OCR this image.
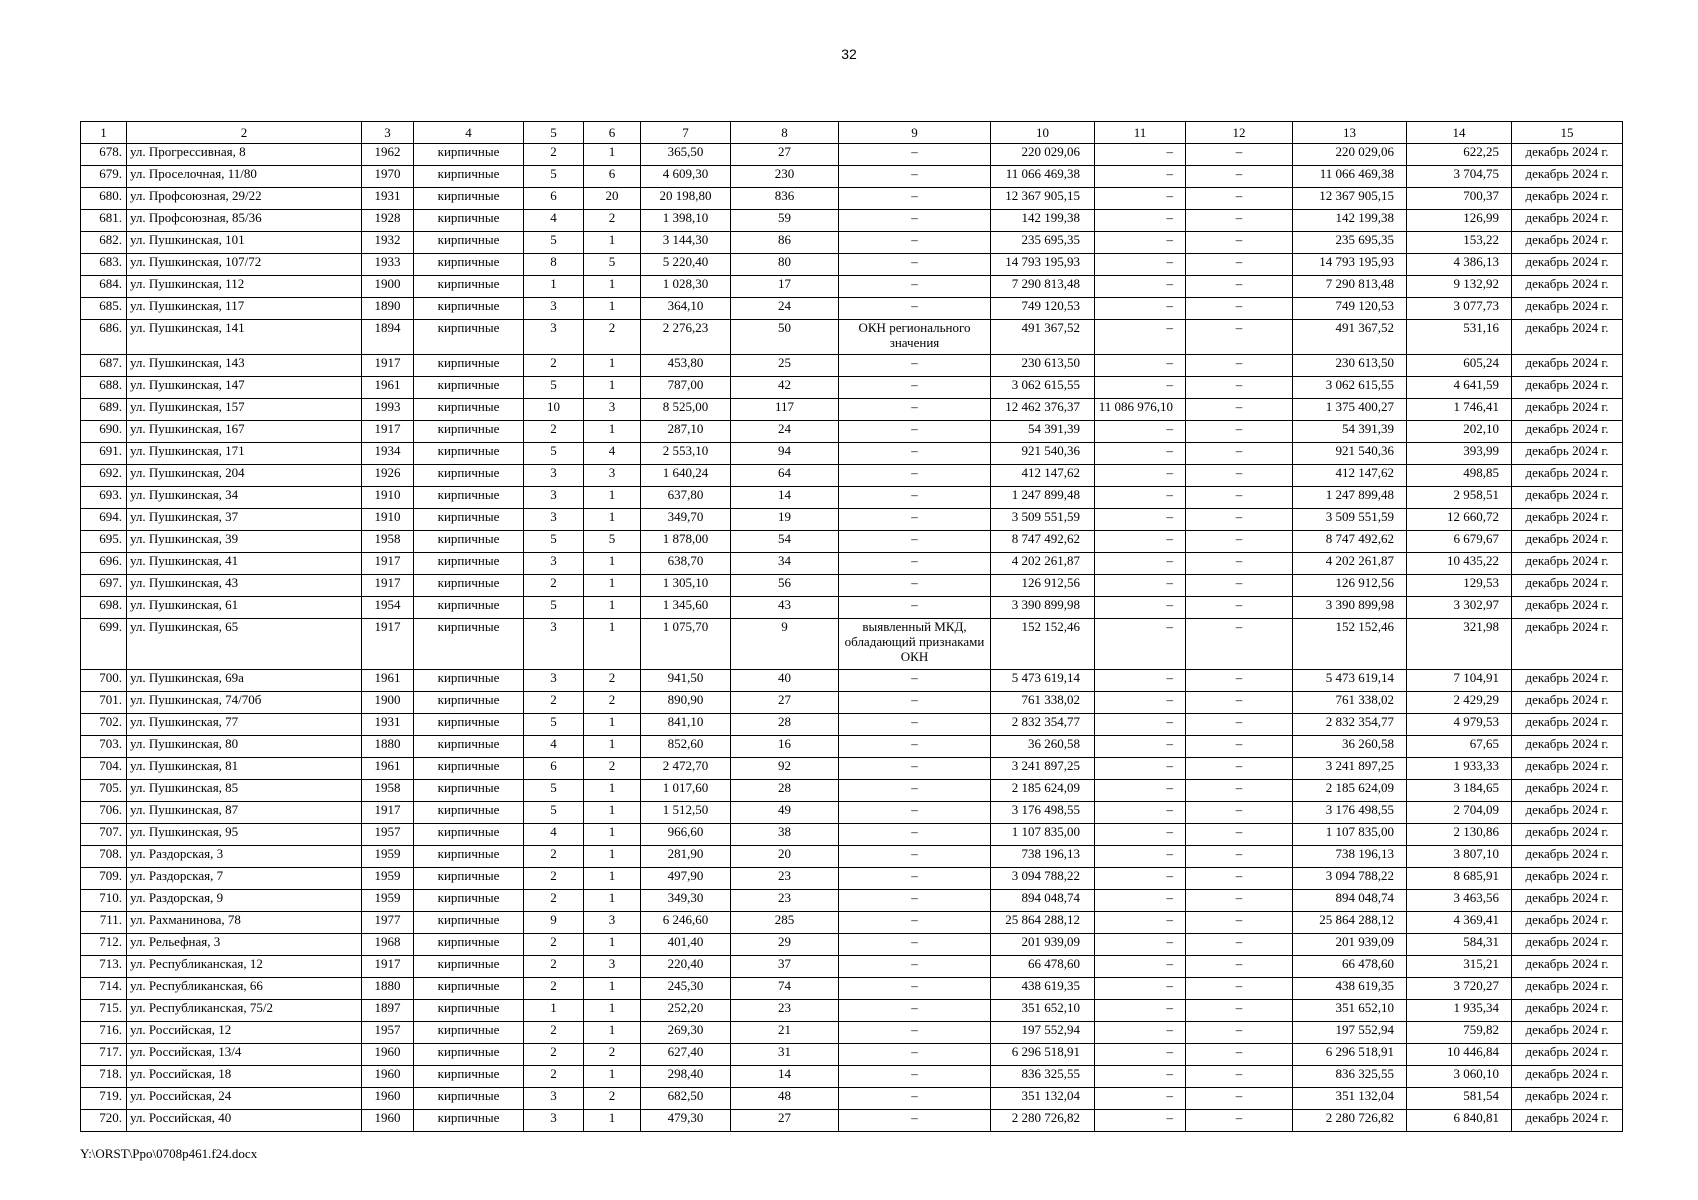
32
1	2	3	4	5	6	7	8	9	10	11	12	13	14	15
678.	ул. Прогрессивная, 8	1962	кирпичные	2	1	365,50	27	–	220 029,06	–	–	220 029,06	622,25	декабрь 2024 г.
679.	ул. Проселочная, 11/80	1970	кирпичные	5	6	4 609,30	230	–	11 066 469,38	–	–	11 066 469,38	3 704,75	декабрь 2024 г.
680.	ул. Профсоюзная, 29/22	1931	кирпичные	6	20	20 198,80	836	–	12 367 905,15	–	–	12 367 905,15	700,37	декабрь 2024 г.
681.	ул. Профсоюзная, 85/36	1928	кирпичные	4	2	1 398,10	59	–	142 199,38	–	–	142 199,38	126,99	декабрь 2024 г.
682.	ул. Пушкинская, 101	1932	кирпичные	5	1	3 144,30	86	–	235 695,35	–	–	235 695,35	153,22	декабрь 2024 г.
683.	ул. Пушкинская, 107/72	1933	кирпичные	8	5	5 220,40	80	–	14 793 195,93	–	–	14 793 195,93	4 386,13	декабрь 2024 г.
684.	ул. Пушкинская, 112	1900	кирпичные	1	1	1 028,30	17	–	7 290 813,48	–	–	7 290 813,48	9 132,92	декабрь 2024 г.
685.	ул. Пушкинская, 117	1890	кирпичные	3	1	364,10	24	–	749 120,53	–	–	749 120,53	3 077,73	декабрь 2024 г.
686.	ул. Пушкинская, 141	1894	кирпичные	3	2	2 276,23	50	ОКН регионального значения	491 367,52	–	–	491 367,52	531,16	декабрь 2024 г.
687.	ул. Пушкинская, 143	1917	кирпичные	2	1	453,80	25	–	230 613,50	–	–	230 613,50	605,24	декабрь 2024 г.
688.	ул. Пушкинская, 147	1961	кирпичные	5	1	787,00	42	–	3 062 615,55	–	–	3 062 615,55	4 641,59	декабрь 2024 г.
689.	ул. Пушкинская, 157	1993	кирпичные	10	3	8 525,00	117	–	12 462 376,37	11 086 976,10	–	1 375 400,27	1 746,41	декабрь 2024 г.
690.	ул. Пушкинская, 167	1917	кирпичные	2	1	287,10	24	–	54 391,39	–	–	54 391,39	202,10	декабрь 2024 г.
691.	ул. Пушкинская, 171	1934	кирпичные	5	4	2 553,10	94	–	921 540,36	–	–	921 540,36	393,99	декабрь 2024 г.
692.	ул. Пушкинская, 204	1926	кирпичные	3	3	1 640,24	64	–	412 147,62	–	–	412 147,62	498,85	декабрь 2024 г.
693.	ул. Пушкинская, 34	1910	кирпичные	3	1	637,80	14	–	1 247 899,48	–	–	1 247 899,48	2 958,51	декабрь 2024 г.
694.	ул. Пушкинская, 37	1910	кирпичные	3	1	349,70	19	–	3 509 551,59	–	–	3 509 551,59	12 660,72	декабрь 2024 г.
695.	ул. Пушкинская, 39	1958	кирпичные	5	5	1 878,00	54	–	8 747 492,62	–	–	8 747 492,62	6 679,67	декабрь 2024 г.
696.	ул. Пушкинская, 41	1917	кирпичные	3	1	638,70	34	–	4 202 261,87	–	–	4 202 261,87	10 435,22	декабрь 2024 г.
697.	ул. Пушкинская, 43	1917	кирпичные	2	1	1 305,10	56	–	126 912,56	–	–	126 912,56	129,53	декабрь 2024 г.
698.	ул. Пушкинская, 61	1954	кирпичные	5	1	1 345,60	43	–	3 390 899,98	–	–	3 390 899,98	3 302,97	декабрь 2024 г.
699.	ул. Пушкинская, 65	1917	кирпичные	3	1	1 075,70	9	выявленный МКД, обладающий признаками ОКН	152 152,46	–	–	152 152,46	321,98	декабрь 2024 г.
700.	ул. Пушкинская, 69а	1961	кирпичные	3	2	941,50	40	–	5 473 619,14	–	–	5 473 619,14	7 104,91	декабрь 2024 г.
701.	ул. Пушкинская, 74/70б	1900	кирпичные	2	2	890,90	27	–	761 338,02	–	–	761 338,02	2 429,29	декабрь 2024 г.
702.	ул. Пушкинская, 77	1931	кирпичные	5	1	841,10	28	–	2 832 354,77	–	–	2 832 354,77	4 979,53	декабрь 2024 г.
703.	ул. Пушкинская, 80	1880	кирпичные	4	1	852,60	16	–	36 260,58	–	–	36 260,58	67,65	декабрь 2024 г.
704.	ул. Пушкинская, 81	1961	кирпичные	6	2	2 472,70	92	–	3 241 897,25	–	–	3 241 897,25	1 933,33	декабрь 2024 г.
705.	ул. Пушкинская, 85	1958	кирпичные	5	1	1 017,60	28	–	2 185 624,09	–	–	2 185 624,09	3 184,65	декабрь 2024 г.
706.	ул. Пушкинская, 87	1917	кирпичные	5	1	1 512,50	49	–	3 176 498,55	–	–	3 176 498,55	2 704,09	декабрь 2024 г.
707.	ул. Пушкинская, 95	1957	кирпичные	4	1	966,60	38	–	1 107 835,00	–	–	1 107 835,00	2 130,86	декабрь 2024 г.
708.	ул. Раздорская, 3	1959	кирпичные	2	1	281,90	20	–	738 196,13	–	–	738 196,13	3 807,10	декабрь 2024 г.
709.	ул. Раздорская, 7	1959	кирпичные	2	1	497,90	23	–	3 094 788,22	–	–	3 094 788,22	8 685,91	декабрь 2024 г.
710.	ул. Раздорская, 9	1959	кирпичные	2	1	349,30	23	–	894 048,74	–	–	894 048,74	3 463,56	декабрь 2024 г.
711.	ул. Рахманинова, 78	1977	кирпичные	9	3	6 246,60	285	–	25 864 288,12	–	–	25 864 288,12	4 369,41	декабрь 2024 г.
712.	ул. Рельефная, 3	1968	кирпичные	2	1	401,40	29	–	201 939,09	–	–	201 939,09	584,31	декабрь 2024 г.
713.	ул. Республиканская, 12	1917	кирпичные	2	3	220,40	37	–	66 478,60	–	–	66 478,60	315,21	декабрь 2024 г.
714.	ул. Республиканская, 66	1880	кирпичные	2	1	245,30	74	–	438 619,35	–	–	438 619,35	3 720,27	декабрь 2024 г.
715.	ул. Республиканская, 75/2	1897	кирпичные	1	1	252,20	23	–	351 652,10	–	–	351 652,10	1 935,34	декабрь 2024 г.
716.	ул. Российская, 12	1957	кирпичные	2	1	269,30	21	–	197 552,94	–	–	197 552,94	759,82	декабрь 2024 г.
717.	ул. Российская, 13/4	1960	кирпичные	2	2	627,40	31	–	6 296 518,91	–	–	6 296 518,91	10 446,84	декабрь 2024 г.
718.	ул. Российская, 18	1960	кирпичные	2	1	298,40	14	–	836 325,55	–	–	836 325,55	3 060,10	декабрь 2024 г.
719.	ул. Российская, 24	1960	кирпичные	3	2	682,50	48	–	351 132,04	–	–	351 132,04	581,54	декабрь 2024 г.
720.	ул. Российская, 40	1960	кирпичные	3	1	479,30	27	–	2 280 726,82	–	–	2 280 726,82	6 840,81	декабрь 2024 г.
Y:\ORST\Ppo\0708p461.f24.docx
